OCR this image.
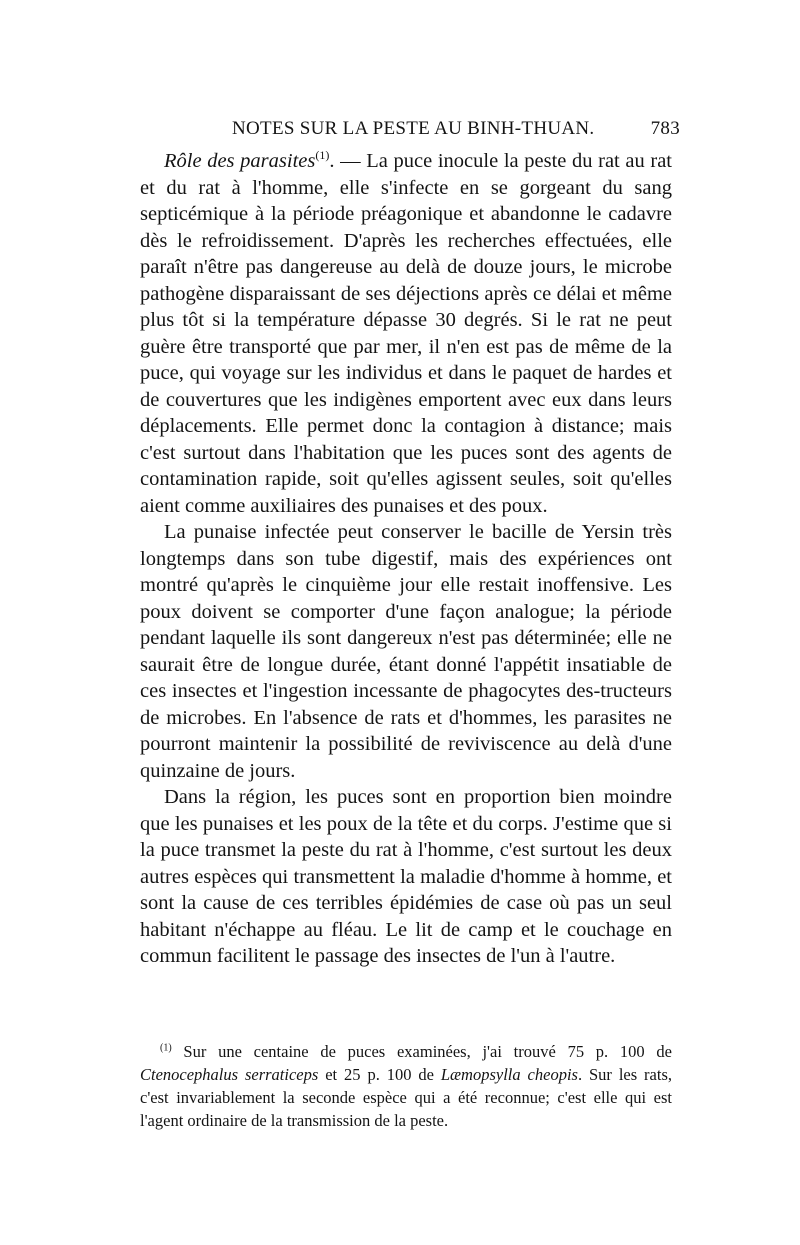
NOTES SUR LA PESTE AU BINH-THUAN.	783

Rôle des parasites$^{(1)}$. — La puce inocule la peste du rat au rat et du rat à l'homme, elle s'infecte en se gorgeant du sang septicémique à la période préagonique et abandonne le cadavre dès le refroidissement. D'après les recherches effectuées, elle paraît n'être pas dangereuse au delà de douze jours, le microbe pathogène disparaissant de ses déjections après ce délai et même plus tôt si la température dépasse 30 degrés. Si le rat ne peut guère être transporté que par mer, il n'en est pas de même de la puce, qui voyage sur les individus et dans le paquet de hardes et de couvertures que les indigènes emportent avec eux dans leurs déplacements. Elle permet donc la contagion à distance; mais c'est surtout dans l'habitation que les puces sont des agents de contamination rapide, soit qu'elles agissent seules, soit qu'elles aient comme auxiliaires des punaises et des poux.

La punaise infectée peut conserver le bacille de Yersin très longtemps dans son tube digestif, mais des expériences ont montré qu'après le cinquième jour elle restait inoffensive. Les poux doivent se comporter d'une façon analogue; la période pendant laquelle ils sont dangereux n'est pas déterminée; elle ne saurait être de longue durée, étant donné l'appétit insatiable de ces insectes et l'ingestion incessante de phagocytes des-tructeurs de microbes. En l'absence de rats et d'hommes, les parasites ne pourront maintenir la possibilité de reviviscence au delà d'une quinzaine de jours.

Dans la région, les puces sont en proportion bien moindre que les punaises et les poux de la tête et du corps. J'estime que si la puce transmet la peste du rat à l'homme, c'est surtout les deux autres espèces qui transmettent la maladie d'homme à homme, et sont la cause de ces terribles épidémies de case où pas un seul habitant n'échappe au fléau. Le lit de camp et le couchage en commun facilitent le passage des insectes de l'un à l'autre.

$^{(1)}$ Sur une centaine de puces examinées, j'ai trouvé 75 p. 100 de Ctenocephalus serraticeps et 25 p. 100 de Læmopsylla cheopis. Sur les rats, c'est invariablement la seconde espèce qui a été reconnue; c'est elle qui est l'agent ordinaire de la transmission de la peste.
